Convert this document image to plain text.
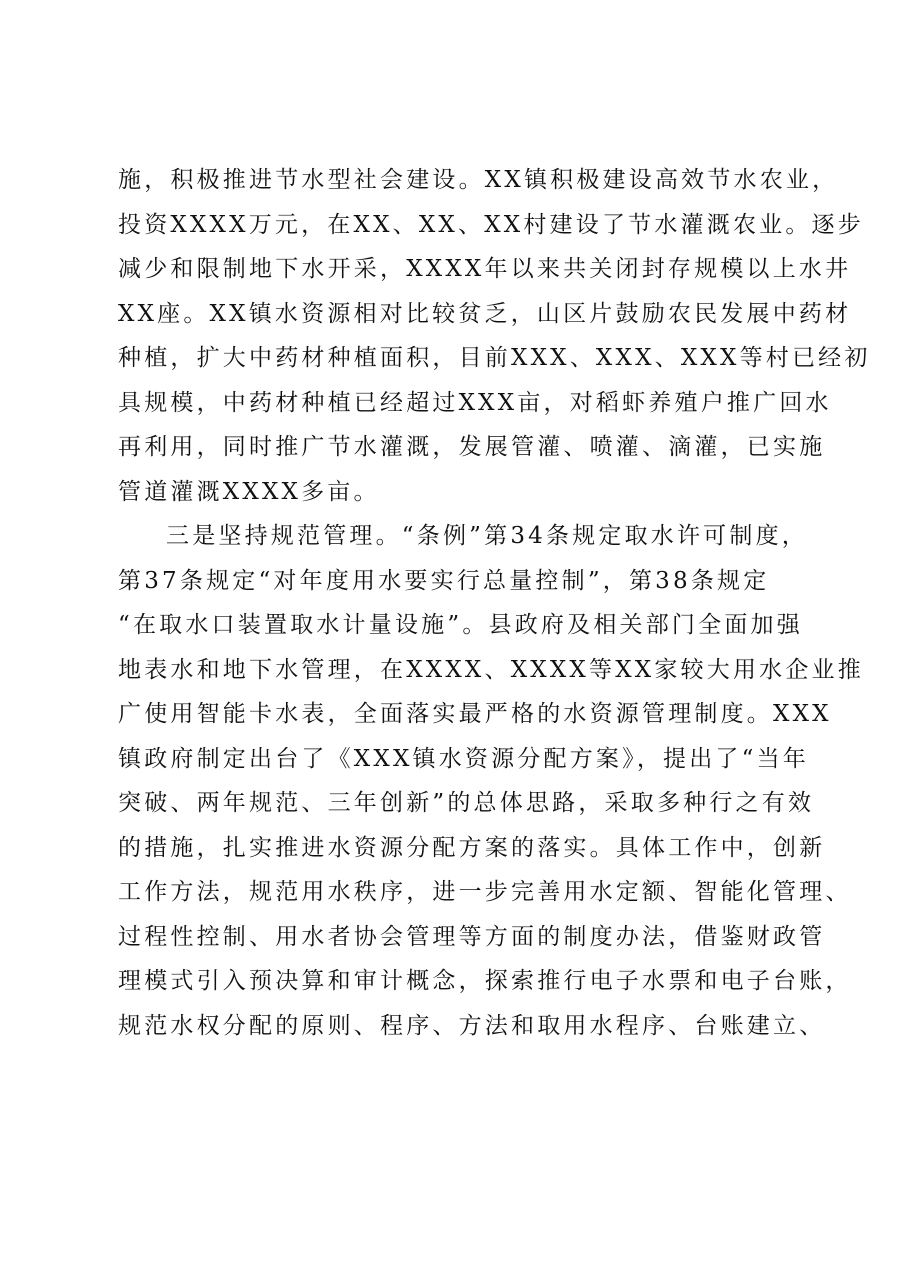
施，积极推进节水型社会建设。XX镇积极建设高效节水农业，
投资XXXX万元，在XX、XX、XX村建设了节水灌溉农业。逐步
减少和限制地下水开采，XXXX年以来共关闭封存规模以上水井
XX座。XX镇水资源相对比较贫乏，山区片鼓励农民发展中药材
种植，扩大中药材种植面积，目前XXX、XXX、XXX等村已经初
具规模，中药材种植已经超过XXX亩，对稻虾养殖户推广回水
再利用，同时推广节水灌溉，发展管灌、喷灌、滴灌，已实施
管道灌溉XXXX多亩。
三是坚持规范管理。“条例”第34条规定取水许可制度，
第37条规定“对年度用水要实行总量控制”，第38条规定
“在取水口装置取水计量设施”。县政府及相关部门全面加强
地表水和地下水管理，在XXXX、XXXX等XX家较大用水企业推
广使用智能卡水表，全面落实最严格的水资源管理制度。XXX
镇政府制定出台了《XXX镇水资源分配方案》，提出了“当年
突破、两年规范、三年创新”的总体思路，采取多种行之有效
的措施，扎实推进水资源分配方案的落实。具体工作中，创新
工作方法，规范用水秩序，进一步完善用水定额、智能化管理、
过程性控制、用水者协会管理等方面的制度办法，借鉴财政管
理模式引入预决算和审计概念，探索推行电子水票和电子台账，
规范水权分配的原则、程序、方法和取用水程序、台账建立、
